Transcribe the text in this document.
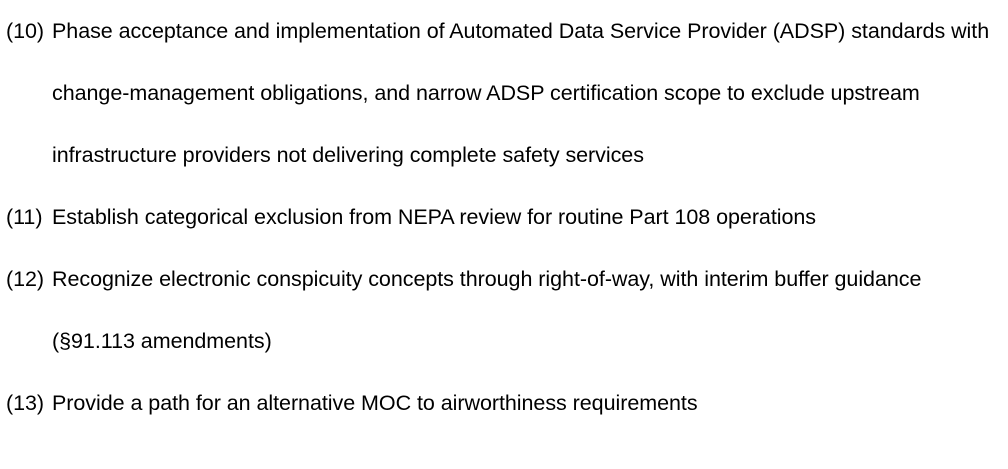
(10) Phase acceptance and implementation of Automated Data Service Provider (ADSP) standards with change-management obligations, and narrow ADSP certification scope to exclude upstream infrastructure providers not delivering complete safety services
(11) Establish categorical exclusion from NEPA review for routine Part 108 operations
(12) Recognize electronic conspicuity concepts through right-of-way, with interim buffer guidance (§91.113 amendments)
(13) Provide a path for an alternative MOC to airworthiness requirements
